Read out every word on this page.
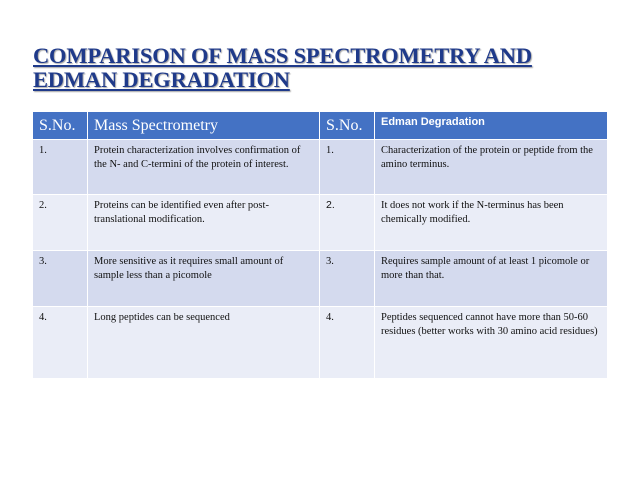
COMPARISON OF MASS SPECTROMETRY AND EDMAN DEGRADATION
S.No.	Mass Spectrometry	S.No.	Edman Degradation
1.	Protein characterization involves confirmation of the N- and C-termini of the protein of interest.	1.	Characterization of the protein or peptide from the amino terminus.
2.	Proteins can be identified even after post-translational modification.	2.	It does not work if the N-terminus has been chemically modified.
3.	More sensitive as it requires small amount of sample less than a picomole	3.	Requires sample amount of at least 1 picomole or more than that.
4.	Long peptides can be sequenced	4.	Peptides sequenced cannot have more than 50-60 residues (better works with 30 amino acid residues)
